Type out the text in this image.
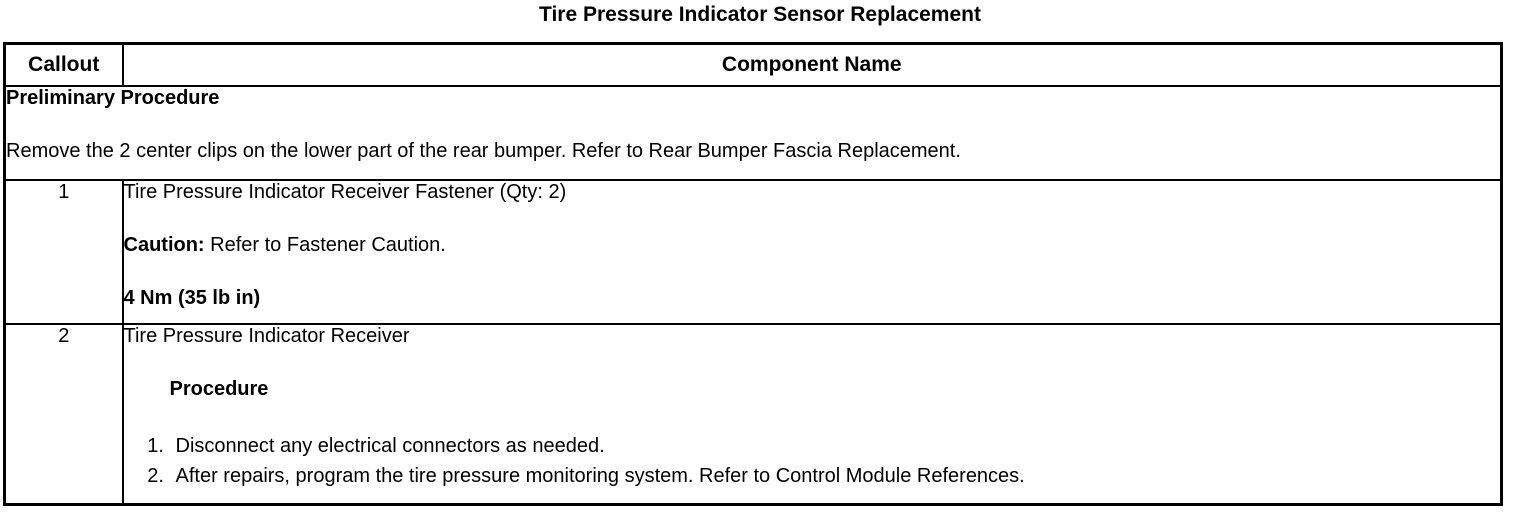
Tire Pressure Indicator Sensor Replacement
Callout	Component Name

Preliminary Procedure

Remove the 2 center clips on the lower part of the rear bumper. Refer to Rear Bumper Fascia Replacement.	

1	Tire Pressure Indicator Receiver Fastener (Qty: 2)

Caution: Refer to Fastener Caution.

4 Nm (35 lb in)

2	Tire Pressure Indicator Receiver

Procedure

1. Disconnect any electrical connectors as needed.
2. After repairs, program the tire pressure monitoring system. Refer to Control Module References.
